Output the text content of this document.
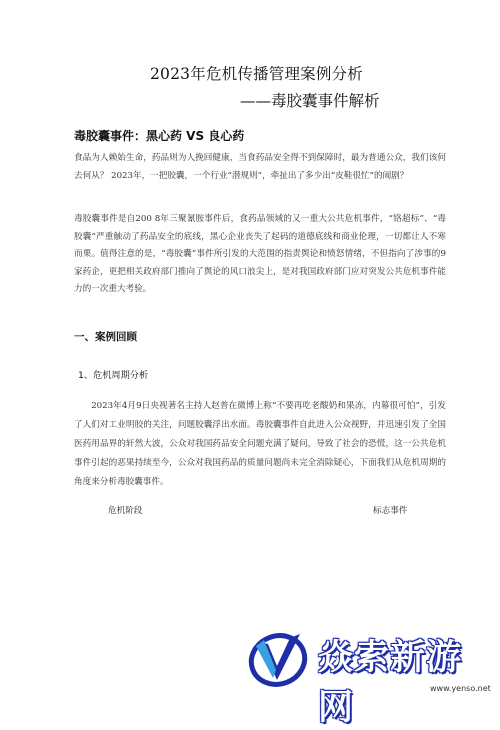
2023年危机传播管理案例分析
——毒胶囊事件解析
毒胶囊事件：黑心药 VS 良心药

食品为人赖始生命，药品则为人挽回健康，当食药品安全得不到保障时，最为普通公众，我们该何去何从？ 2023年，一把胶囊，一个行业“潜规则”，牵扯出了多少出“皮鞋很忙”的闹剧？

毒胶囊事件是自200 8年三聚氰胺事件后，食药品领域的又一重大公共危机事件，“铬超标”、“毒胶囊”严重触动了药品安全的底线，黑心企业丧失了起码的道德底线和商业伦理，一切都让人不寒而栗。值得注意的是，“毒胶囊”事件所引发的大范围的指责舆论和愤怒情绪，不但指向了涉事的9家药企，更把相关政府部门推向了舆论的风口浪尖上，是对我国政府部门应对突发公共危机事件能力的一次重大考验。

一、案例回顾
1、危机周期分析

2023年4月9日央视著名主持人赵普在微博上称“不要再吃老酸奶和果冻，内幕很可怕”，引发了人们对工业明胶的关注，问题胶囊浮出水面。毒胶囊事件自此进入公众视野，并迅速引发了全国医药用品界的轩然大波，公众对我国药品安全问题充满了疑问，导致了社会的恐慌，这一公共危机事件引起的恶果持续至今，公众对我国药品的质量问题尚未完全消除疑心，下面我们从危机周期的角度来分析毒胶囊事件。

危机阶段	标志事件
焱索新游网	www.yenso.net
